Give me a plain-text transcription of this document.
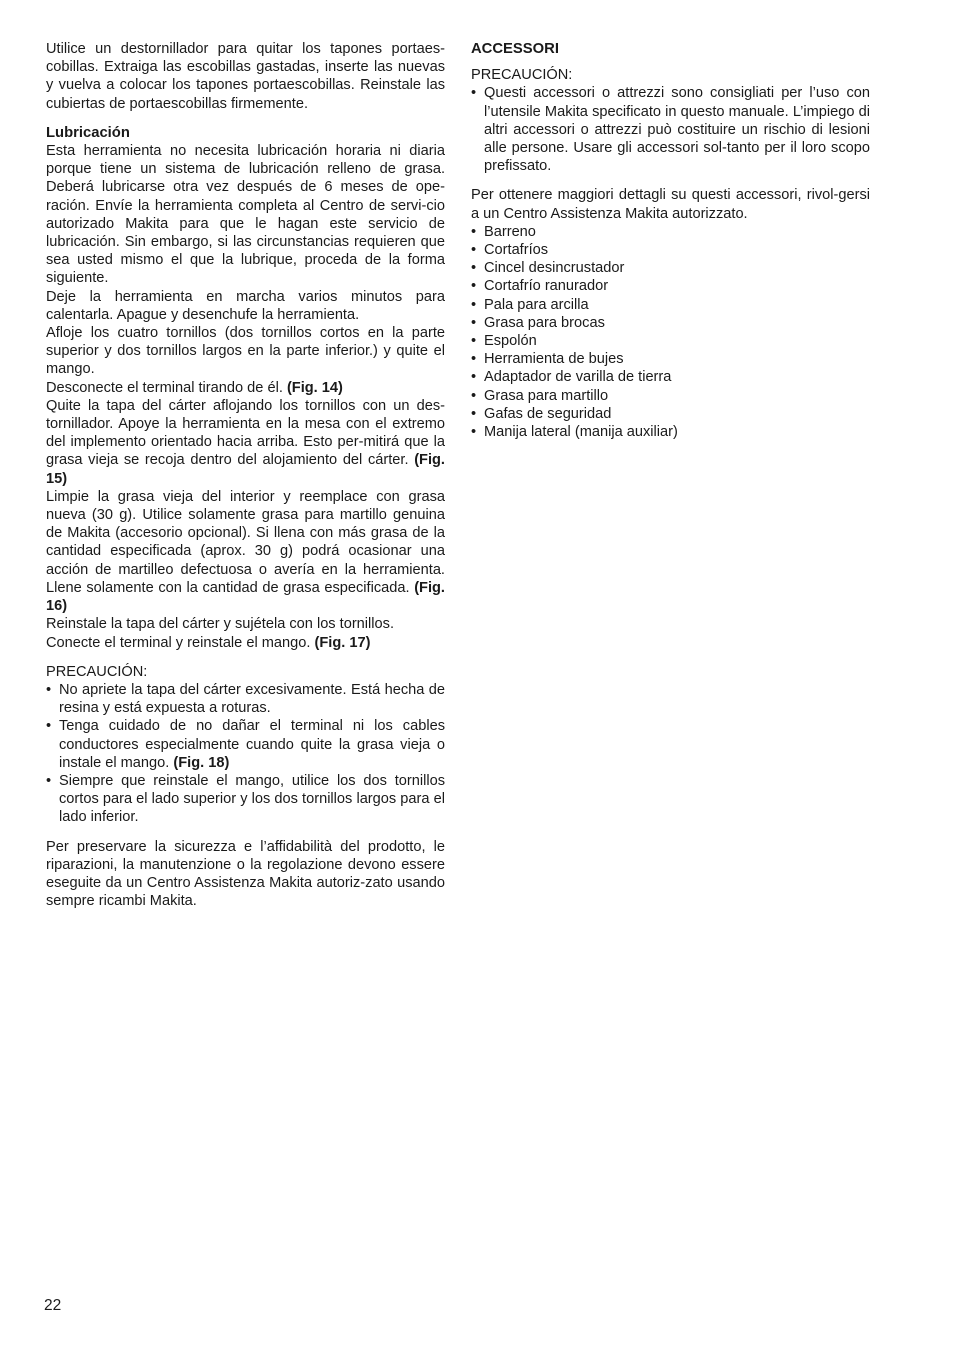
Utilice un destornillador para quitar los tapones portaes-cobillas. Extraiga las escobillas gastadas, inserte las nuevas y vuelva a colocar los tapones portaescobillas. Reinstale las cubiertas de portaescobillas firmemente.

Lubricación

Esta herramienta no necesita lubricación horaria ni diaria porque tiene un sistema de lubricación relleno de grasa. Deberá lubricarse otra vez después de 6 meses de ope-ración. Envíe la herramienta completa al Centro de servi-cio autorizado Makita para que le hagan este servicio de lubricación. Sin embargo, si las circunstancias requieren que sea usted mismo el que la lubrique, proceda de la forma siguiente.

Deje la herramienta en marcha varios minutos para calentarla. Apague y desenchufe la herramienta.

Afloje los cuatro tornillos (dos tornillos cortos en la parte superior y dos tornillos largos en la parte inferior.) y quite el mango.

Desconecte el terminal tirando de él. (Fig. 14)

Quite la tapa del cárter aflojando los tornillos con un des-tornillador. Apoye la herramienta en la mesa con el extremo del implemento orientado hacia arriba. Esto per-mitirá que la grasa vieja se recoja dentro del alojamiento del cárter. (Fig. 15)

Limpie la grasa vieja del interior y reemplace con grasa nueva (30 g). Utilice solamente grasa para martillo genuina de Makita (accesorio opcional). Si llena con más grasa de la cantidad especificada (aprox. 30 g) podrá ocasionar una acción de martilleo defectuosa o avería en la herramienta. Llene solamente con la cantidad de grasa especificada. (Fig. 16)

Reinstale la tapa del cárter y sujétela con los tornillos.

Conecte el terminal y reinstale el mango. (Fig. 17)

PRECAUCIÓN:

• No apriete la tapa del cárter excesivamente. Está hecha de resina y está expuesta a roturas.
• Tenga cuidado de no dañar el terminal ni los cables conductores especialmente cuando quite la grasa vieja o instale el mango. (Fig. 18)
• Siempre que reinstale el mango, utilice los dos tornillos cortos para el lado superior y los dos tornillos largos para el lado inferior.

Per preservare la sicurezza e l’affidabilità del prodotto, le riparazioni, la manutenzione o la regolazione devono essere eseguite da un Centro Assistenza Makita autoriz-zato usando sempre ricambi Makita.

ACCESSORI

PRECAUCIÓN:

• Questi accessori o attrezzi sono consigliati per l’uso con l’utensile Makita specificato in questo manuale. L’impiego di altri accessori o attrezzi può costituire un rischio di lesioni alle persone. Usare gli accessori sol-tanto per il loro scopo prefissato.

Per ottenere maggiori dettagli su questi accessori, rivol-gersi a un Centro Assistenza Makita autorizzato.

• Barreno
• Cortafríos
• Cincel desincrustador
• Cortafrío ranurador
• Pala para arcilla
• Grasa para brocas
• Espolón
• Herramienta de bujes
• Adaptador de varilla de tierra
• Grasa para martillo
• Gafas de seguridad
• Manija lateral (manija auxiliar)
22
